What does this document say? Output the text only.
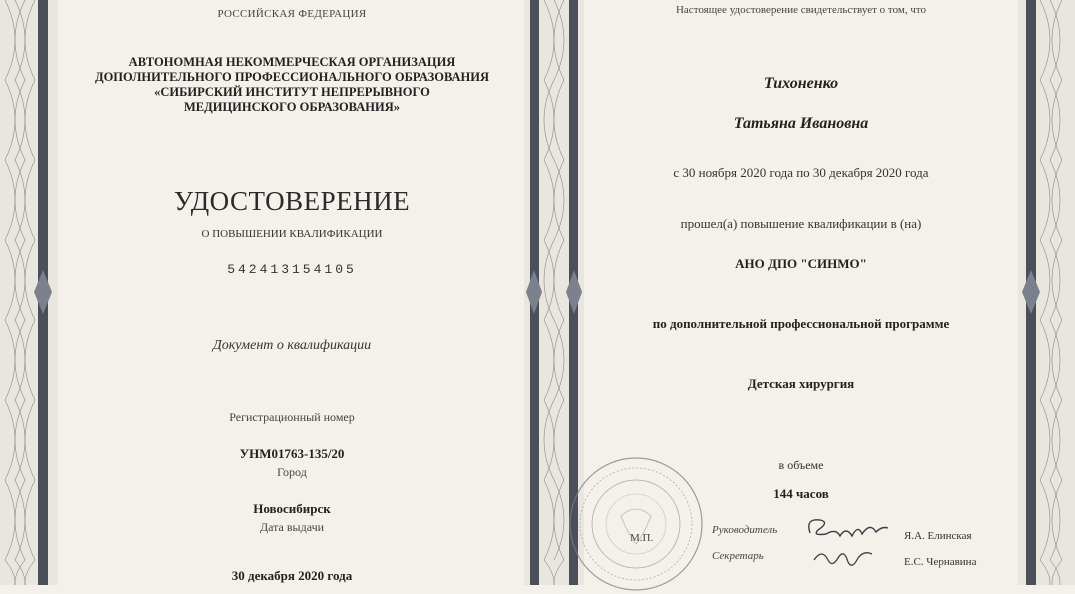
РОССИЙСКАЯ ФЕДЕРАЦИЯ
АВТОНОМНАЯ НЕКОММЕРЧЕСКАЯ ОРГАНИЗАЦИЯ
ДОПОЛНИТЕЛЬНОГО ПРОФЕССИОНАЛЬНОГО ОБРАЗОВАНИЯ
«СИБИРСКИЙ ИНСТИТУТ НЕПРЕРЫВНОГО
МЕДИЦИНСКОГО ОБРАЗОВАНИЯ»
УДОСТОВЕРЕНИЕ
О ПОВЫШЕНИИ КВАЛИФИКАЦИИ
542413154105
Документ о квалификации
Регистрационный номер
УНМ01763-135/20
Город
Новосибирск
Дата выдачи
30 декабря 2020 года
Настоящее удостоверение свидетельствует о том, что
Тихоненко
Татьяна Ивановна
с 30 ноября 2020 года по 30 декабря 2020 года
прошел(а) повышение квалификации в (на)
АНО ДПО "СИНМО"
по дополнительной профессиональной программе
Детская хирургия
в объеме
144 часов
М.П.
Руководитель	Я.А. Елинская
Секретарь	Е.С. Чернавина
